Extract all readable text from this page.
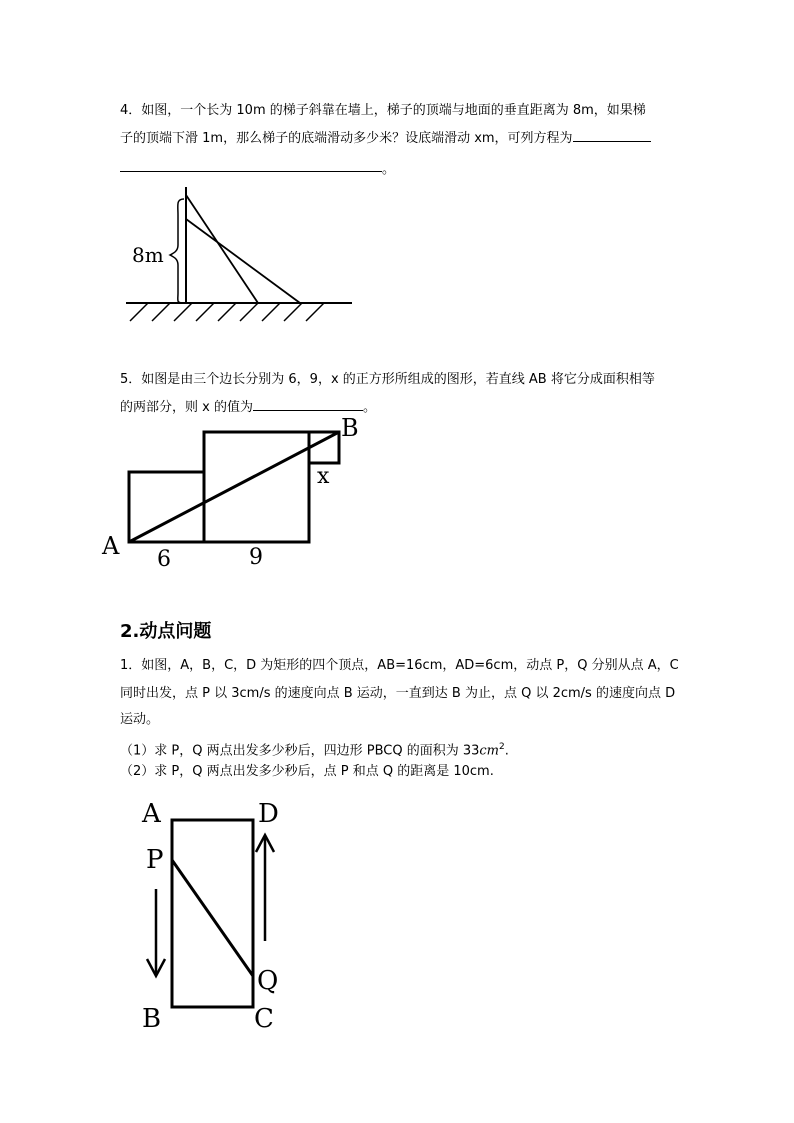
4．如图，一个长为 10m 的梯子斜靠在墙上，梯子的顶端与地面的垂直距离为 8m，如果梯

子的顶端下滑 1m，那么梯子的底端滑动多少米？设底端滑动 xm，可列方程为

。
8m

5．如图是由三个边长分别为 6，9，x 的正方形所组成的图形，若直线 AB 将它分成面积相等

的两部分，则 x 的值为	。

A
B
x
6	9
2.动点问题

1．如图，A，B，C，D 为矩形的四个顶点，AB=16cm，AD=6cm，动点 P，Q 分别从点 A，C

同时出发，点 P 以 3cm/s 的速度向点 B 运动，一直到达 B 为止，点 Q 以 2cm/s 的速度向点 D

运动。

（1）求 P，Q 两点出发多少秒后，四边形 PBCQ 的面积为 $33cm^2$.

（2）求 P，Q 两点出发多少秒后，点 P 和点 Q 的距离是 10cm.

A	D
P
Q
B	C
